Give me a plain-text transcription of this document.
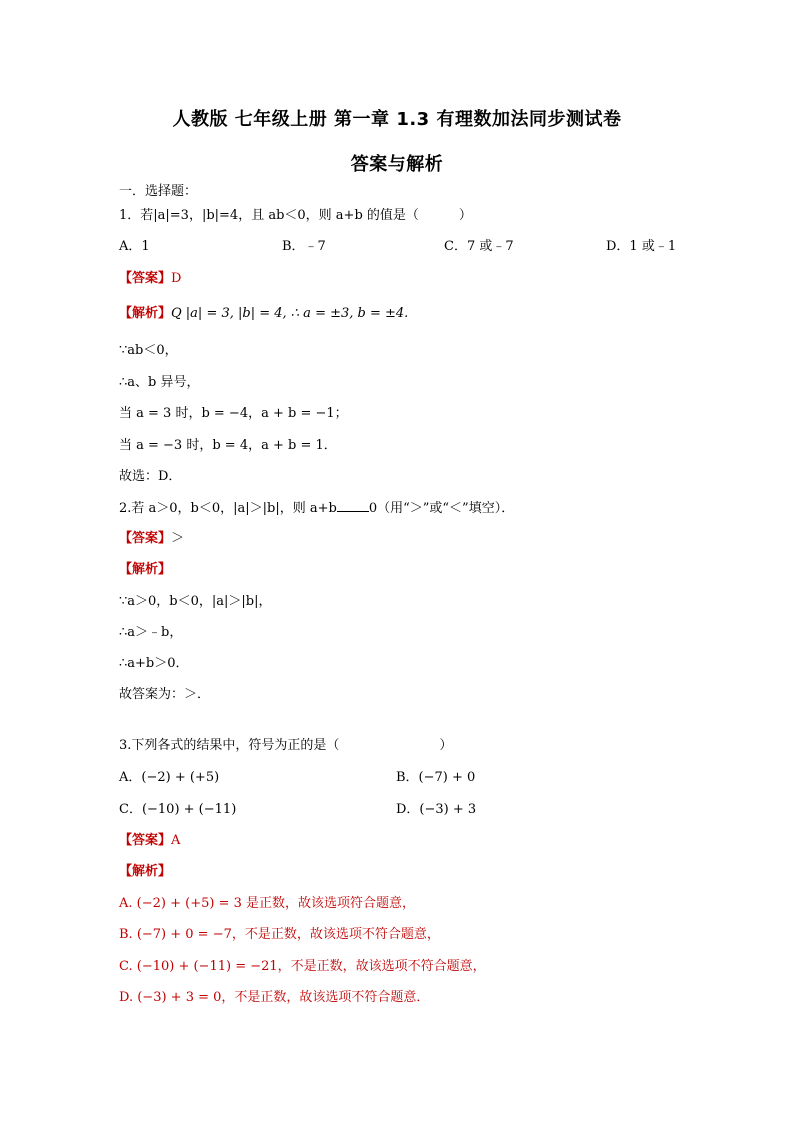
人教版 七年级上册 第一章 1.3 有理数加法同步测试卷
答案与解析
一．选择题：
1．若|a|=3，|b|=4，且 ab＜0，则 a+b 的值是（	）
A．1	B．﹣7	C．7 或﹣7	D．1 或﹣1
【答案】D
【解析】Q |a| = 3, |b| = 4, ∴ a = ±3, b = ±4.
∵ab＜0，
∴a、b 异号，
当 a = 3 时，b = −4，a + b = −1；
当 a = −3 时，b = 4，a + b = 1．
故选：D．
2.若 a＞0，b＜0，|a|＞|b|，则 a+b 0（用“＞”或“＜”填空）．
【答案】＞
【解析】
∵a＞0，b＜0，|a|＞|b|，
∴a＞﹣b，
∴a+b＞0．
故答案为：＞．
3.下列各式的结果中，符号为正的是（	）
A．(−2) + (+5)	B．(−7) + 0
C．(−10) + (−11)	D．(−3) + 3
【答案】A
【解析】
A. (−2) + (+5) = 3 是正数，故该选项符合题意，
B. (−7) + 0 = −7，不是正数，故该选项不符合题意，
C. (−10) + (−11) = −21，不是正数，故该选项不符合题意，
D. (−3) + 3 = 0，不是正数，故该选项不符合题意．
